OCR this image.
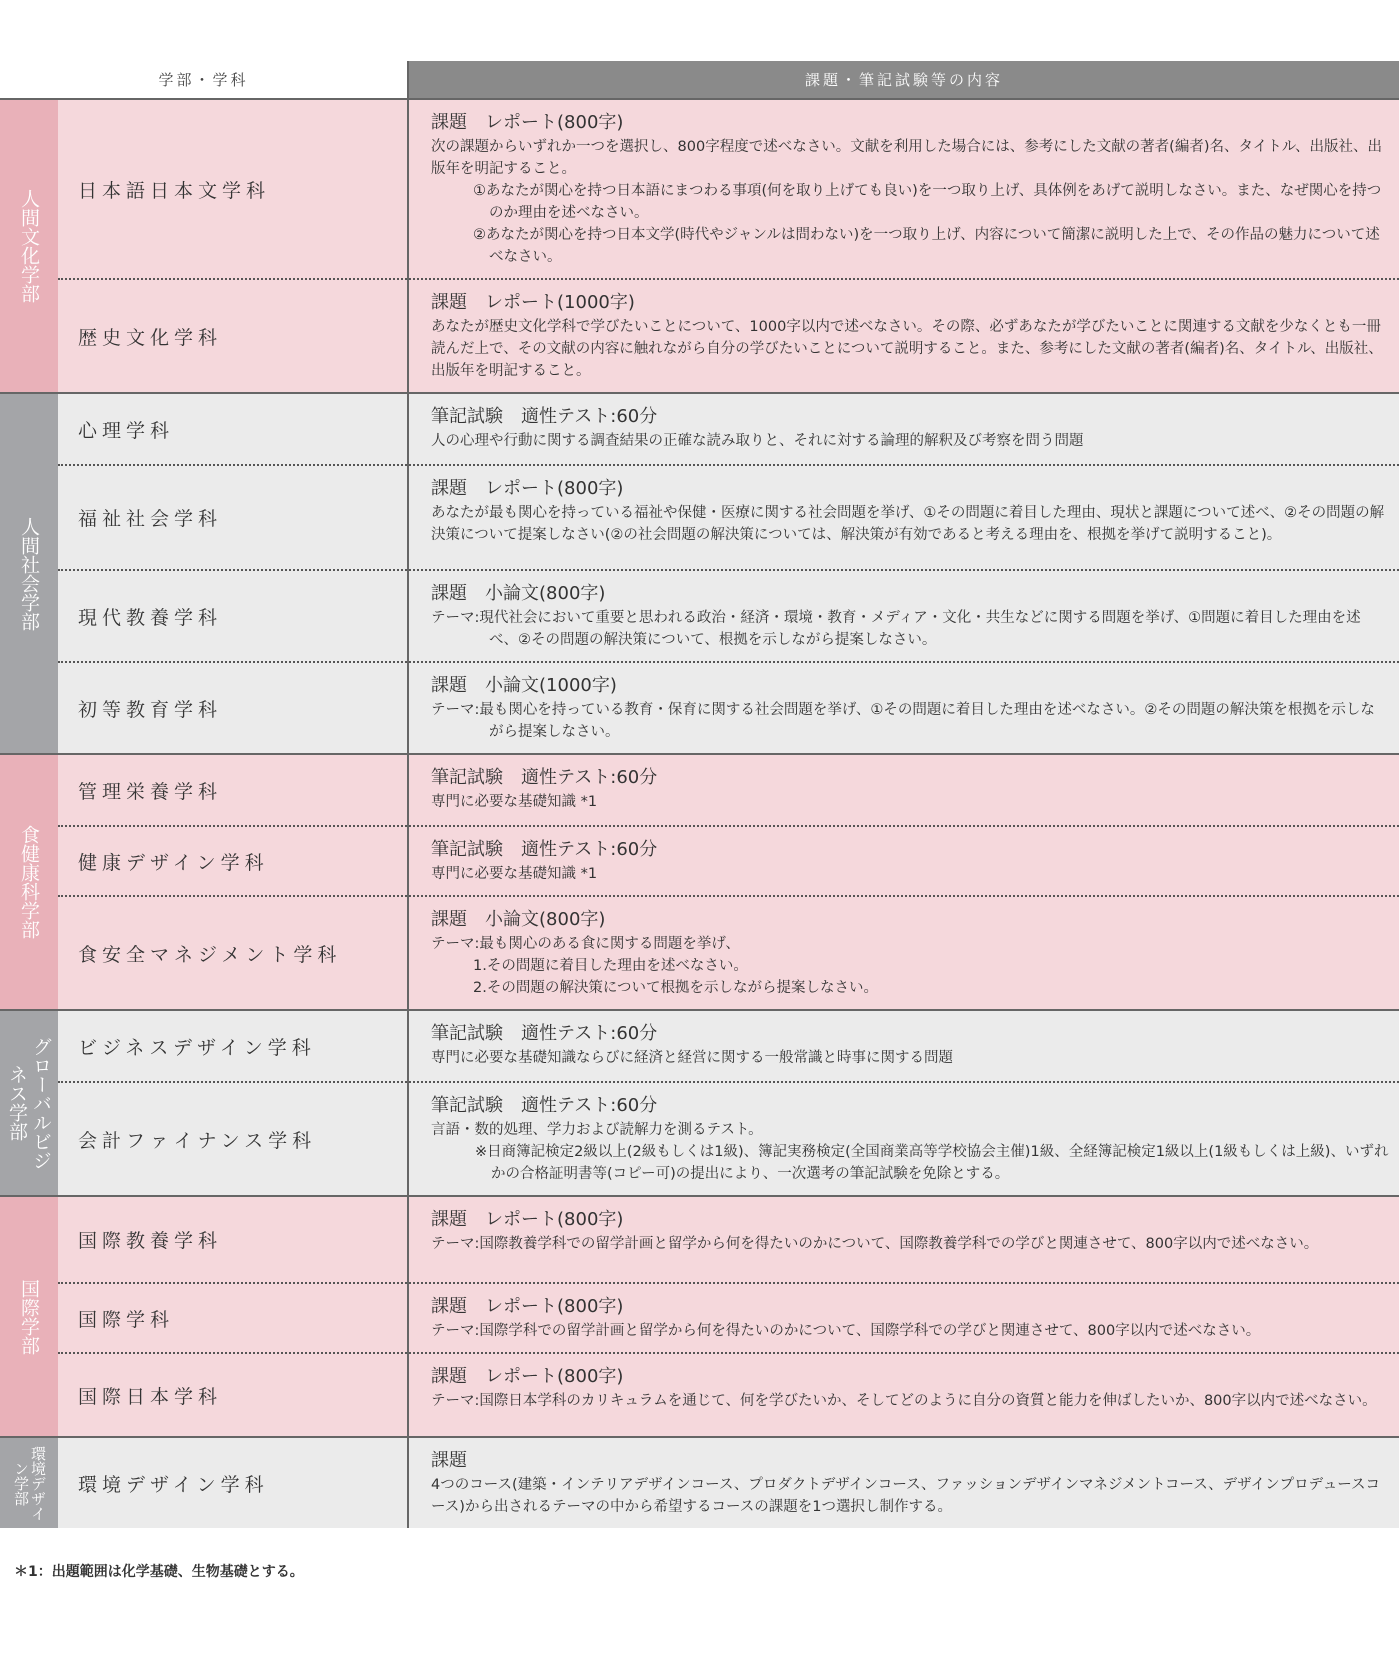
学部・学科		課題・筆記試験等の内容
人間文化学部	日本語日本文学科	課題　レポート(800字)
次の課題からいずれか一つを選択し、800字程度で述べなさい。文献を利用した場合には、参考にした文献の著者(編者)名、タイトル、出版社、出版年を明記すること。
①あなたが関心を持つ日本語にまつわる事項(何を取り上げても良い)を一つ取り上げ、具体例をあげて説明しなさい。また、なぜ関心を持つのか理由を述べなさい。
②あなたが関心を持つ日本文学(時代やジャンルは問わない)を一つ取り上げ、内容について簡潔に説明した上で、その作品の魅力について述べなさい。

	歴史文化学科	課題　レポート(1000字)
あなたが歴史文化学科で学びたいことについて、1000字以内で述べなさい。その際、必ずあなたが学びたいことに関連する文献を少なくとも一冊読んだ上で、その文献の内容に触れながら自分の学びたいことについて説明すること。また、参考にした文献の著者(編者)名、タイトル、出版社、出版年を明記すること。

人間社会学部	心理学科	筆記試験　適性テスト:60分
人の心理や行動に関する調査結果の正確な読み取りと、それに対する論理的解釈及び考察を問う問題

	福祉社会学科	課題　レポート(800字)
あなたが最も関心を持っている福祉や保健・医療に関する社会問題を挙げ、①その問題に着目した理由、現状と課題について述べ、②その問題の解決策について提案しなさい(②の社会問題の解決策については、解決策が有効であると考える理由を、根拠を挙げて説明すること)。

	現代教養学科	課題　小論文(800字)
テーマ:現代社会において重要と思われる政治・経済・環境・教育・メディア・文化・共生などに関する問題を挙げ、①問題に着目した理由を述べ、②その問題の解決策について、根拠を示しながら提案しなさい。

	初等教育学科	課題　小論文(1000字)
テーマ:最も関心を持っている教育・保育に関する社会問題を挙げ、①その問題に着目した理由を述べなさい。②その問題の解決策を根拠を示しながら提案しなさい。

食健康科学部	管理栄養学科	筆記試験　適性テスト:60分
専門に必要な基礎知識 *1

	健康デザイン学科	筆記試験　適性テスト:60分
専門に必要な基礎知識 *1

	食安全マネジメント学科	課題　小論文(800字)
テーマ:最も関心のある食に関する問題を挙げ、
1.その問題に着目した理由を述べなさい。
2.その問題の解決策について根拠を示しながら提案しなさい。

グローバルビジネス学部	ビジネスデザイン学科	筆記試験　適性テスト:60分
専門に必要な基礎知識ならびに経済と経営に関する一般常識と時事に関する問題

	会計ファイナンス学科	筆記試験　適性テスト:60分
言語・数的処理、学力および読解力を測るテスト。
※日商簿記検定2級以上(2級もしくは1級)、簿記実務検定(全国商業高等学校協会主催)1級、全経簿記検定1級以上(1級もしくは上級)、いずれかの合格証明書等(コピー可)の提出により、一次選考の筆記試験を免除とする。

国際学部	国際教養学科	課題　レポート(800字)
テーマ:国際教養学科での留学計画と留学から何を得たいのかについて、国際教養学科での学びと関連させて、800字以内で述べなさい。

	国際学科	課題　レポート(800字)
テーマ:国際学科での留学計画と留学から何を得たいのかについて、国際学科での学びと関連させて、800字以内で述べなさい。

	国際日本学科	課題　レポート(800字)
テーマ:国際日本学科のカリキュラムを通じて、何を学びたいか、そしてどのように自分の資質と能力を伸ばしたいか、800字以内で述べなさい。

環境デザイン学部	環境デザイン学科	課題
4つのコース(建築・インテリアデザインコース、プロダクトデザインコース、ファッションデザインマネジメントコース、デザインプロデュースコース)から出されるテーマの中から希望するコースの課題を1つ選択し制作する。
＊1：出題範囲は化学基礎、生物基礎とする。
